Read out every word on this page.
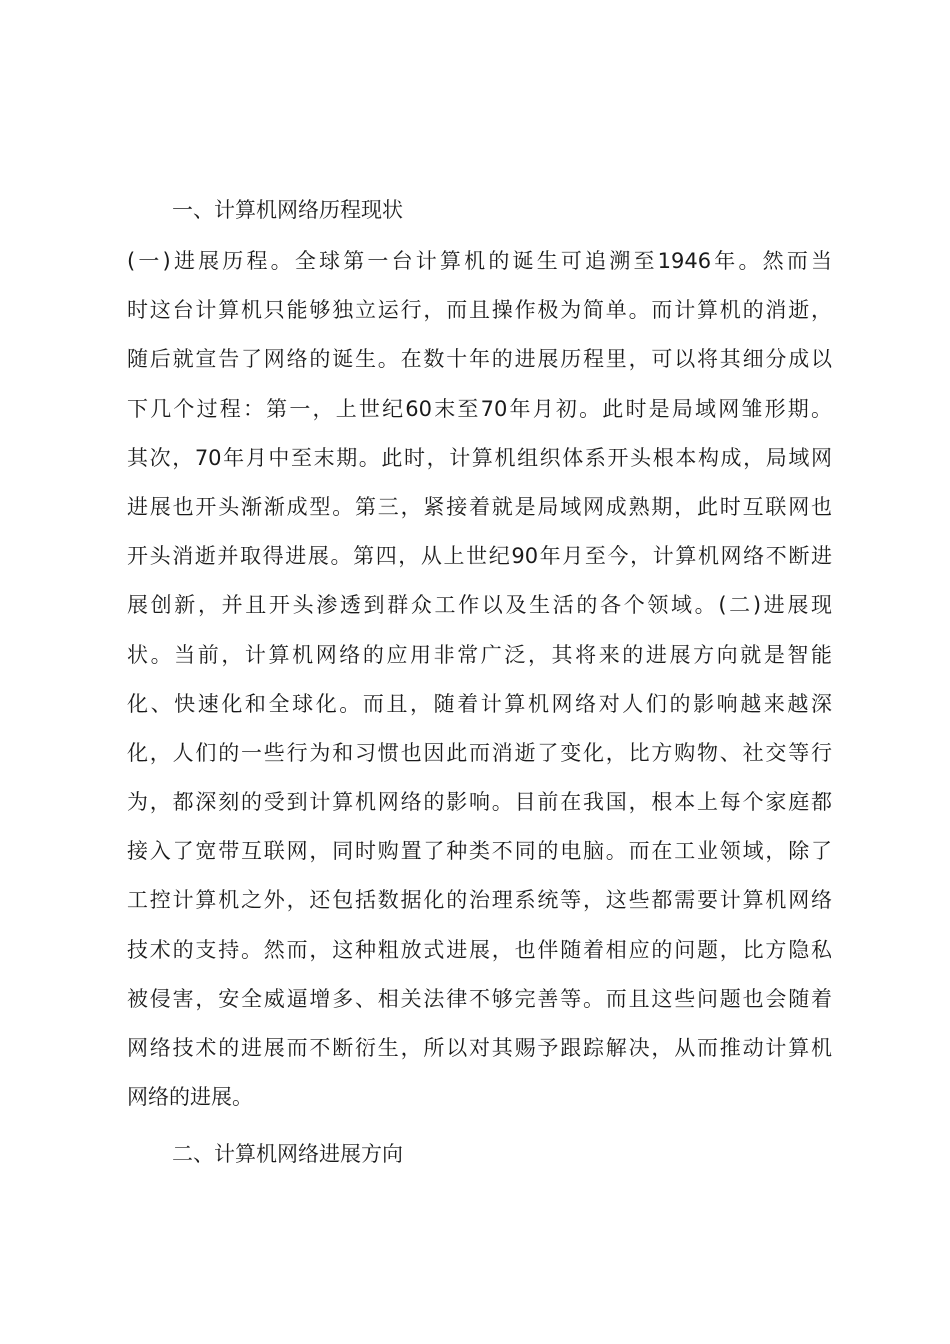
一、计算机网络历程现状
(一)进展历程。全球第一台计算机的诞生可追溯至1946年。然而当
时这台计算机只能够独立运行，而且操作极为简单。而计算机的消逝，
随后就宣告了网络的诞生。在数十年的进展历程里，可以将其细分成以
下几个过程：第一，上世纪60末至70年月初。此时是局域网雏形期。
其次，70年月中至末期。此时，计算机组织体系开头根本构成，局域网
进展也开头渐渐成型。第三，紧接着就是局域网成熟期，此时互联网也
开头消逝并取得进展。第四，从上世纪90年月至今，计算机网络不断进
展创新，并且开头渗透到群众工作以及生活的各个领域。(二)进展现
状。当前，计算机网络的应用非常广泛，其将来的进展方向就是智能
化、快速化和全球化。而且，随着计算机网络对人们的影响越来越深
化，人们的一些行为和习惯也因此而消逝了变化，比方购物、社交等行
为，都深刻的受到计算机网络的影响。目前在我国，根本上每个家庭都
接入了宽带互联网，同时购置了种类不同的电脑。而在工业领域，除了
工控计算机之外，还包括数据化的治理系统等，这些都需要计算机网络
技术的支持。然而，这种粗放式进展，也伴随着相应的问题，比方隐私
被侵害，安全威逼增多、相关法律不够完善等。而且这些问题也会随着
网络技术的进展而不断衍生，所以对其赐予跟踪解决，从而推动计算机
网络的进展。
二、计算机网络进展方向
